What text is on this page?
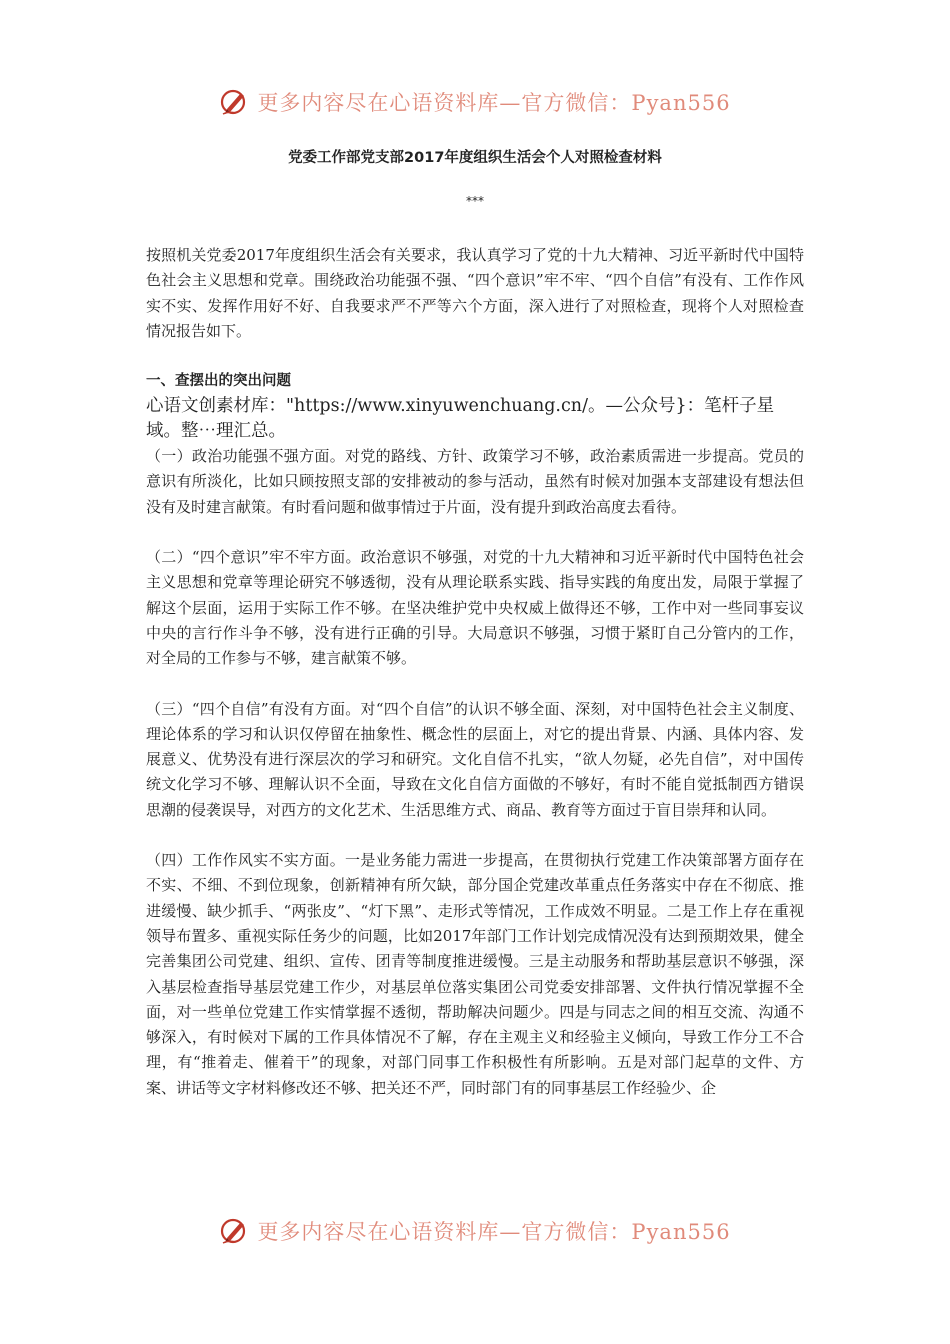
更多内容尽在心语资料库—官方微信：Pyan556
党委工作部党支部2017年度组织生活会个人对照检查材料
***

按照机关党委2017年度组织生活会有关要求，我认真学习了党的十九大精神、习近平新时代中国特色社会主义思想和党章。围绕政治功能强不强、“四个意识”牢不牢、“四个自信”有没有、工作作风实不实、发挥作用好不好、自我要求严不严等六个方面，深入进行了对照检查，现将个人对照检查情况报告如下。

一、查摆出的突出问题

心语文创素材库："https://www.xinyuwenchuang.cn/。—公众号}：笔杆子星域。整⋯理汇总。

（一）政治功能强不强方面。对党的路线、方针、政策学习不够，政治素质需进一步提高。党员的意识有所淡化，比如只顾按照支部的安排被动的参与活动，虽然有时候对加强本支部建设有想法但没有及时建言献策。有时看问题和做事情过于片面，没有提升到政治高度去看待。

（二）“四个意识”牢不牢方面。政治意识不够强，对党的十九大精神和习近平新时代中国特色社会主义思想和党章等理论研究不够透彻，没有从理论联系实践、指导实践的角度出发，局限于掌握了解这个层面，运用于实际工作不够。在坚决维护党中央权威上做得还不够，工作中对一些同事妄议中央的言行作斗争不够，没有进行正确的引导。大局意识不够强，习惯于紧盯自己分管内的工作，对全局的工作参与不够，建言献策不够。

（三）“四个自信”有没有方面。对“四个自信”的认识不够全面、深刻，对中国特色社会主义制度、理论体系的学习和认识仅停留在抽象性、概念性的层面上，对它的提出背景、内涵、具体内容、发展意义、优势没有进行深层次的学习和研究。文化自信不扎实，“欲人勿疑，必先自信”，对中国传统文化学习不够、理解认识不全面，导致在文化自信方面做的不够好，有时不能自觉抵制西方错误思潮的侵袭误导，对西方的文化艺术、生活思维方式、商品、教育等方面过于盲目崇拜和认同。

（四）工作作风实不实方面。一是业务能力需进一步提高，在贯彻执行党建工作决策部署方面存在不实、不细、不到位现象，创新精神有所欠缺，部分国企党建改革重点任务落实中存在不彻底、推进缓慢、缺少抓手、“两张皮”、“灯下黑”、走形式等情况，工作成效不明显。二是工作上存在重视领导布置多、重视实际任务少的问题，比如2017年部门工作计划完成情况没有达到预期效果，健全完善集团公司党建、组织、宣传、团青等制度推进缓慢。三是主动服务和帮助基层意识不够强，深入基层检查指导基层党建工作少，对基层单位落实集团公司党委安排部署、文件执行情况掌握不全面，对一些单位党建工作实情掌握不透彻，帮助解决问题少。四是与同志之间的相互交流、沟通不够深入，有时候对下属的工作具体情况不了解，存在主观主义和经验主义倾向，导致工作分工不合理，有“推着走、催着干”的现象，对部门同事工作积极性有所影响。五是对部门起草的文件、方案、讲话等文字材料修改还不够、把关还不严，同时部门有的同事基层工作经验少、企

更多内容尽在心语资料库—官方微信：Pyan556
